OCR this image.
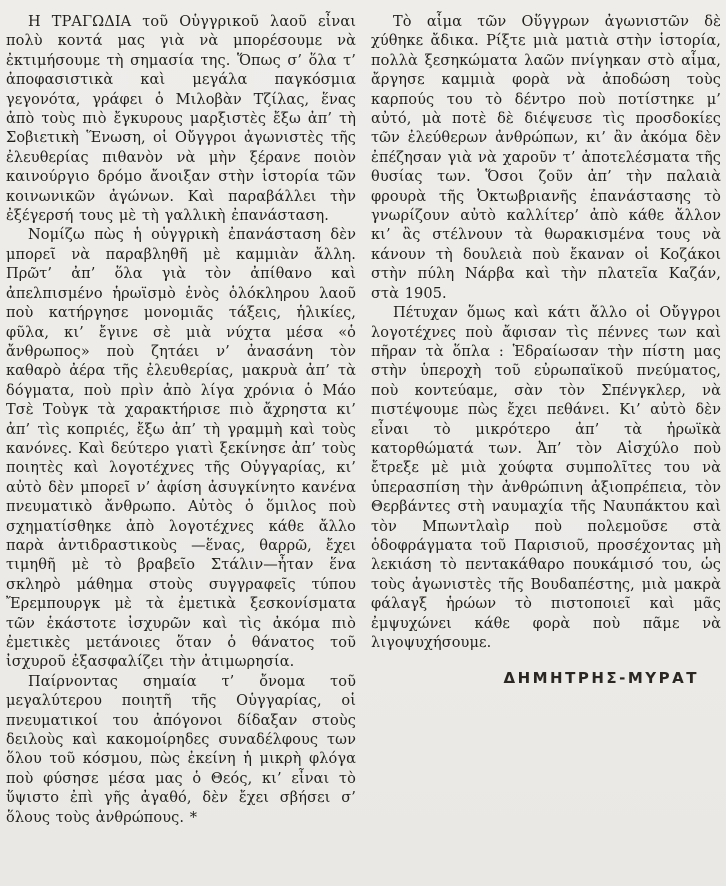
Η ΤΡΑΓΩΔΙΑ τοῦ Οὑγγρικοῦ λαοῦ εἶναι πολὺ κοντά μας γιὰ νὰ μπορέσουμε νὰ ἐκτιμήσουμε τὴ σημασία της. Ὅπως σ’ ὅλα τ’ ἀποφασιστικὰ καὶ μεγάλα παγκόσμια γεγονότα, γράφει ὁ Μιλοβὰν Τζίλας, ἕνας ἀπὸ τοὺς πιὸ ἔγκυρους μαρξιστὲς ἔξω ἀπ’ τὴ Σοβιετικὴ Ἕνωση, οἱ Οὔγγροι ἀγωνιστὲς τῆς ἐλευθερίας πιθανὸν νὰ μὴν ξέρανε ποιὸν καινούργιο δρόμο ἄνοιξαν στὴν ἱστορία τῶν κοινωνικῶν ἀγώνων. Καὶ παραβάλλει τὴν ἐξέγερσή τους μὲ τὴ γαλλικὴ ἐπανάσταση.

Νομίζω πὼς ἡ οὑγγρικὴ ἐπανάσταση δὲν μπορεῖ νὰ παραβληθῆ μὲ καμμιὰν ἄλλη. Πρῶτ’ ἀπ’ ὅλα γιὰ τὸν ἀπίθανο καὶ ἀπελπισμένο ἡρωϊσμὸ ἑνὸς ὁλόκληρου λαοῦ ποὺ κατήργησε μονομιᾶς τάξεις, ἡλικίες, φῦλα, κι’ ἔγινε σὲ μιὰ νύχτα μέσα «ὁ ἄνθρωπος» ποὺ ζητάει ν’ ἀνασάνη τὸν καθαρὸ ἀέρα τῆς ἐλευθερίας, μακρυὰ ἀπ’ τὰ δόγματα, ποὺ πρὶν ἀπὸ λίγα χρόνια ὁ Μάο Τσὲ Τοὺγκ τὰ χαρακτήρισε πιὸ ἄχρηστα κι’ ἀπ’ τὶς κοπριές, ἔξω ἀπ’ τὴ γραμμὴ καὶ τοὺς κανόνες. Καὶ δεύτερο γιατὶ ξεκίνησε ἀπ’ τοὺς ποιητὲς καὶ λογοτέχνες τῆς Οὑγγαρίας, κι’ αὐτὸ δὲν μπορεῖ ν’ ἀφίση ἀσυγκίνητο κανένα πνευματικὸ ἄνθρωπο. Αὐτὸς ὁ ὅμιλος ποὺ σχηματίσθηκε ἀπὸ λογοτέχνες κάθε ἄλλο παρὰ ἀντιδραστικοὺς —ἕνας, θαρρῶ, ἔχει τιμηθῆ μὲ τὸ βραβεῖο Στάλιν—ἦταν ἕνα σκληρὸ μάθημα στοὺς συγγραφεῖς τύπου Ἔρεμπουργκ μὲ τὰ ἐμετικὰ ξεσκονίσματα τῶν ἑκάστοτε ἰσχυρῶν καὶ τὶς ἀκόμα πιὸ ἐμετικὲς μετάνοιες ὅταν ὁ θάνατος τοῦ ἰσχυροῦ ἐξασφαλίζει τὴν ἀτιμωρησία.

Παίρνοντας σημαία τ’ ὄνομα τοῦ μεγαλύτερου ποιητῆ τῆς Οὑγγαρίας, οἱ πνευματικοί του ἀπόγονοι δίδαξαν στοὺς δειλοὺς καὶ κακομοίρηδες συναδέλφους των ὅλου τοῦ κόσμου, πὼς ἐκείνη ἡ μικρὴ φλόγα ποὺ φύσησε μέσα μας ὁ Θεός, κι’ εἶναι τὸ ὕψιστο ἐπὶ γῆς ἀγαθό, δὲν ἔχει σβήσει σ’ ὅλους τοὺς ἀνθρώπους. *

Τὸ αἷμα τῶν Οὕγγρων ἀγωνιστῶν δὲ χύθηκε ἄδικα. Ρίξτε μιὰ ματιὰ στὴν ἱστορία, πολλὰ ξεσηκώματα λαῶν πνίγηκαν στὸ αἷμα, ἄργησε καμμιὰ φορὰ νὰ ἀποδώση τοὺς καρπούς του τὸ δέντρο ποὺ ποτίστηκε μ’ αὐτό, μὰ ποτὲ δὲ διέψευσε τὶς προσδοκίες τῶν ἐλεύθερων ἀνθρώπων, κι’ ἂν ἀκόμα δὲν ἐπέζησαν γιὰ νὰ χαροῦν τ’ ἀποτελέσματα τῆς θυσίας των. Ὅσοι ζοῦν ἀπ’ τὴν παλαιὰ φρουρὰ τῆς Ὀκτωβριανῆς ἐπανάστασης τὸ γνωρίζουν αὐτὸ καλλίτερ’ ἀπὸ κάθε ἄλλον κι’ ἂς στέλνουν τὰ θωρακισμένα τους νὰ κάνουν τὴ δουλειὰ ποὺ ἔκαναν οἱ Κοζάκοι στὴν πύλη Νάρβα καὶ τὴν πλατεῖα Καζάν, στὰ 1905.

Πέτυχαν ὅμως καὶ κάτι ἄλλο οἱ Οὔγγροι λογοτέχνες ποὺ ἄφισαν τὶς πέννες των καὶ πῆραν τὰ ὅπλα : Ἑδραίωσαν τὴν πίστη μας στὴν ὑπεροχὴ τοῦ εὐρωπαϊκοῦ πνεύματος, ποὺ κοντεύαμε, σὰν τὸν Σπένγκλερ, νὰ πιστέψουμε πὼς ἔχει πεθάνει. Κι’ αὐτὸ δὲν εἶναι τὸ μικρότερο ἀπ’ τὰ ἡρωϊκὰ κατορθώματά των. Ἀπ’ τὸν Αἰσχύλο ποὺ ἔτρεξε μὲ μιὰ χούφτα συμπολῖτες του νὰ ὑπερασπίση τὴν ἀνθρώπινη ἀξιοπρέπεια, τὸν Θερβάντες στὴ ναυμαχία τῆς Ναυπάκτου καὶ τὸν Μπωντλαὶρ ποὺ πολεμοῦσε στὰ ὁδοφράγματα τοῦ Παρισιοῦ, προσέχοντας μὴ λεκιάση τὸ πεντακάθαρο πουκάμισό του, ὡς τοὺς ἀγωνιστὲς τῆς Βουδαπέστης, μιὰ μακρὰ φάλαγξ ἡρώων τὸ πιστοποιεῖ καὶ μᾶς ἐμψυχώνει κάθε φορὰ ποὺ πᾶμε νὰ λιγοψυχήσουμε.

ΔΗΜΗΤΡΗΣ-ΜΥΡΑΤ
